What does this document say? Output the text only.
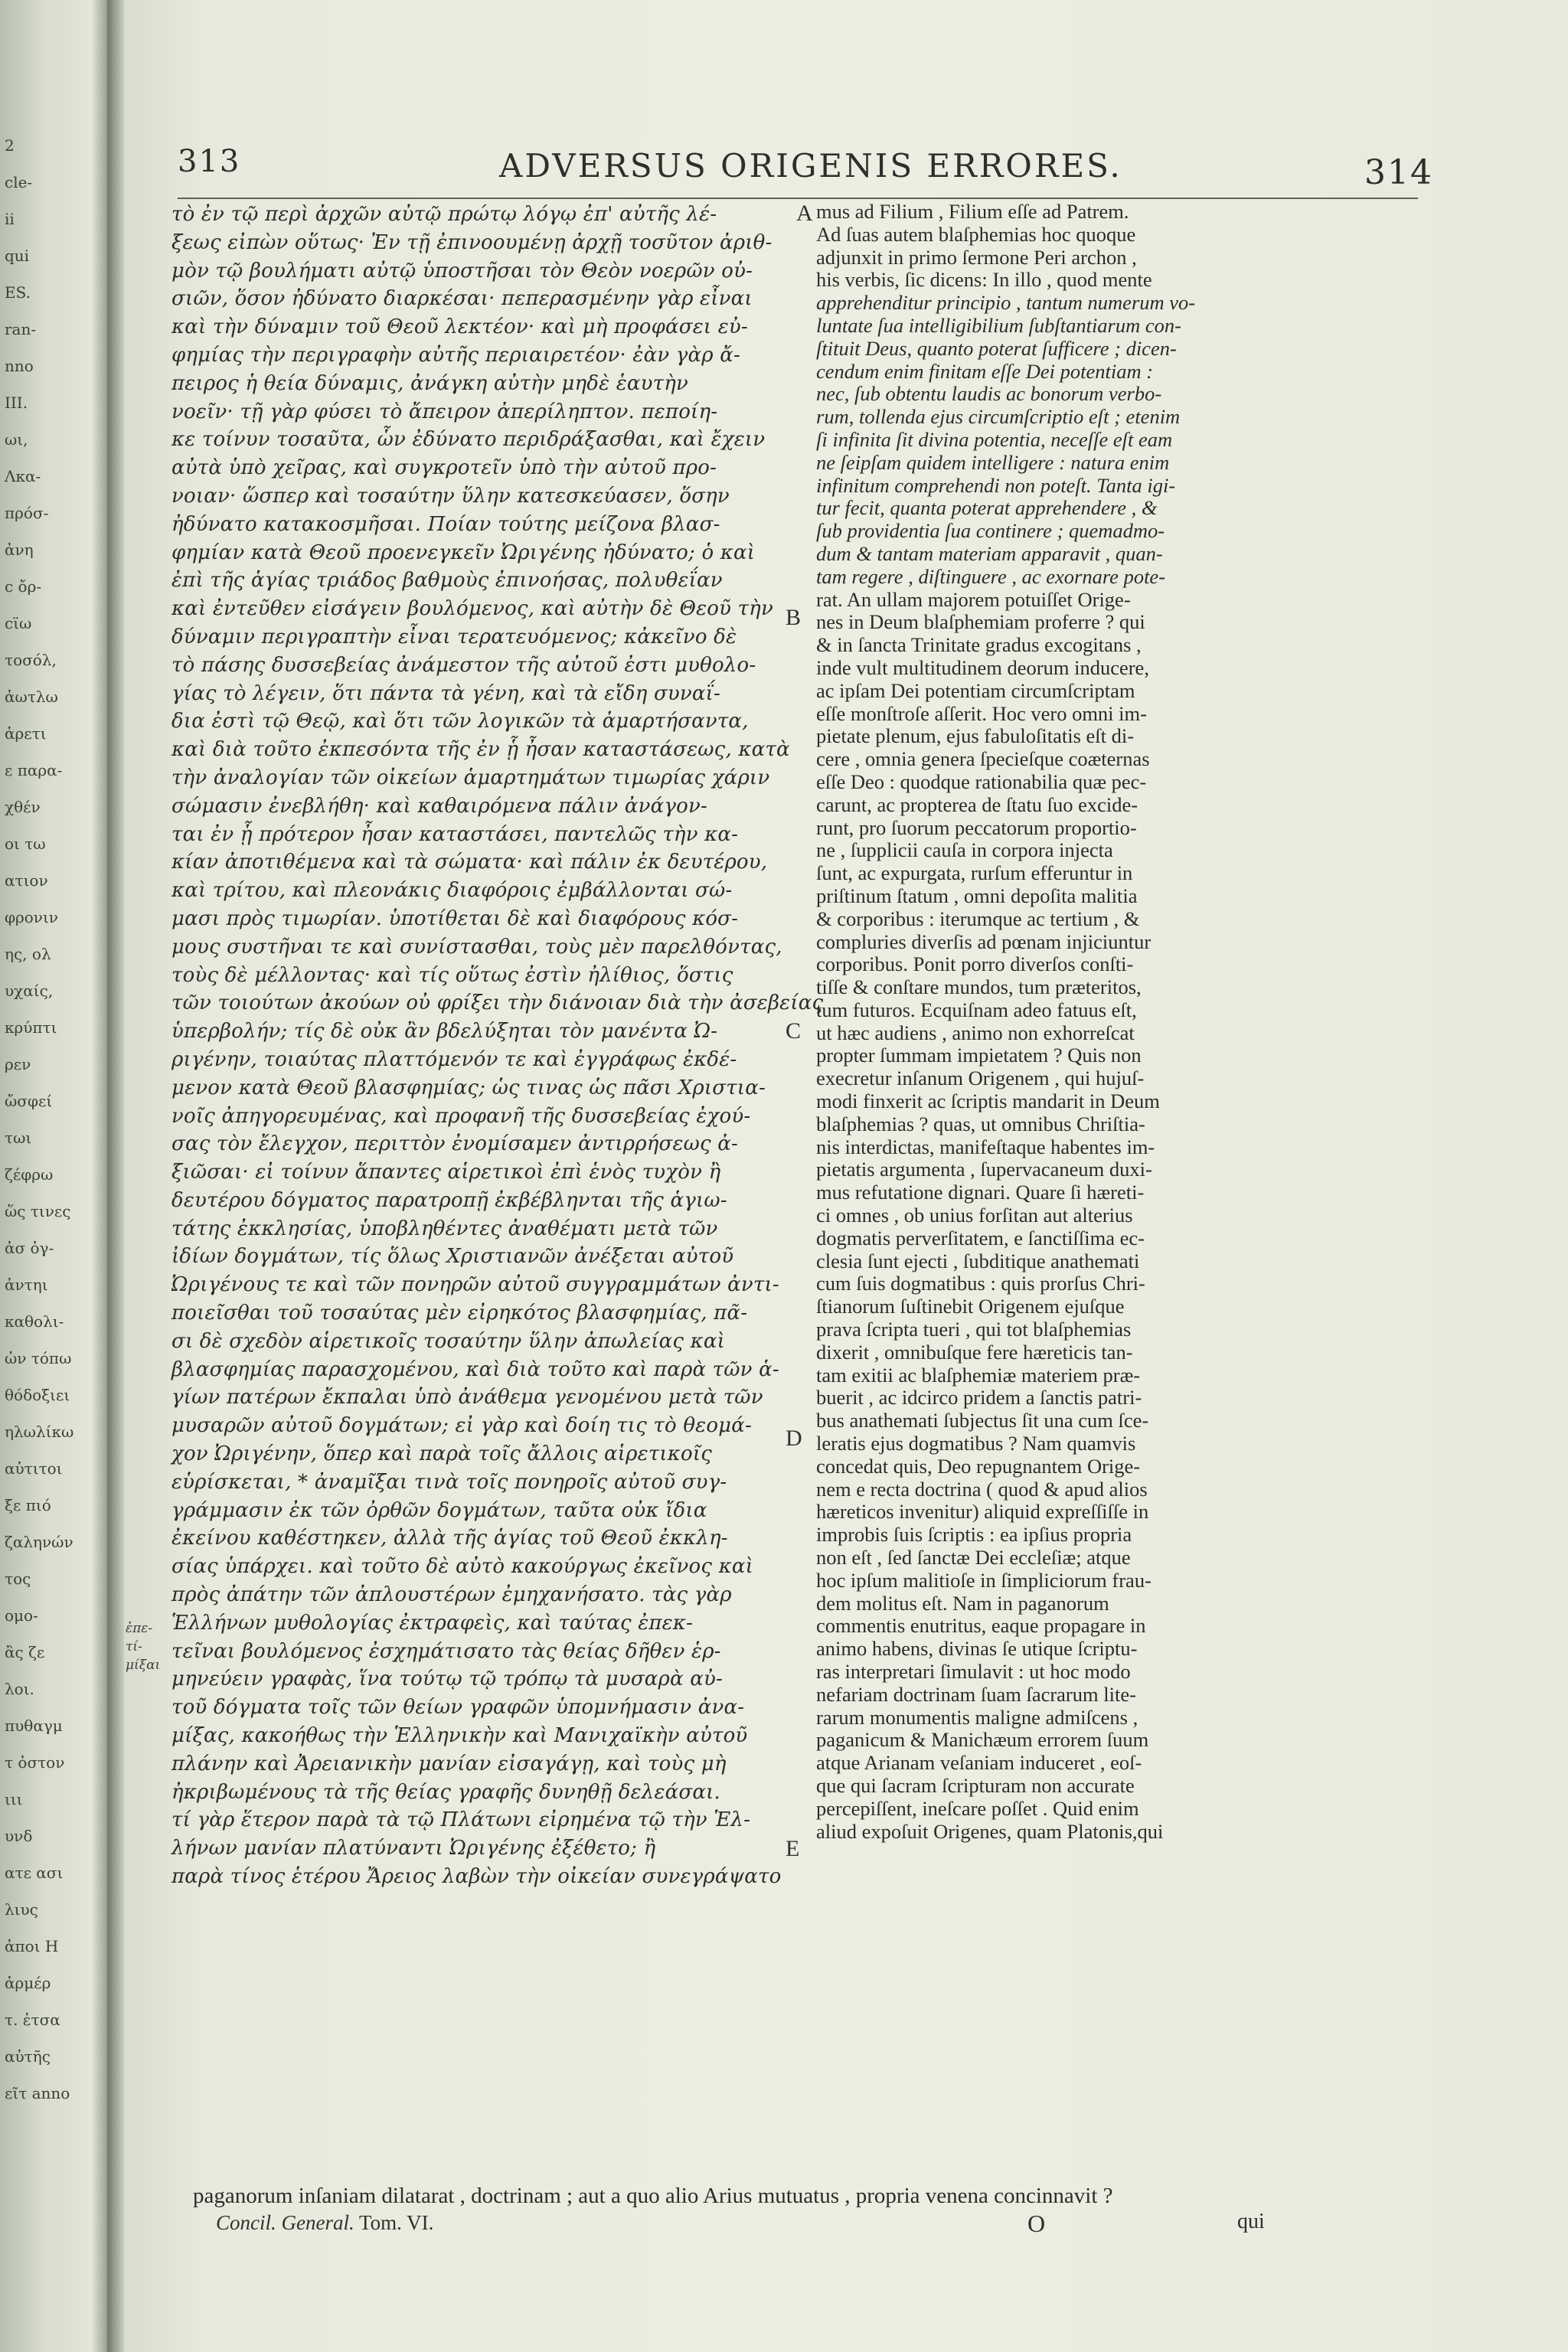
2
cle-
ii
qui
ES.
ran-
nno
III.
ωι,
Λκα-
πρόσ-
ἀνη
ϲ ὄρ-
ϲϊω
τοσόλ,
ἀωτλω
ἁρετι
ε παρα-
χθέν
οι τω
ατιον
φρονιν
ης, ολ
υχαίς,
κρύπτι
ρεν
ὤσφεί
τωι
ζέφρω
ὥς τινες
ἀσ ὀγ-
ἀντηι
καθολι-
ὠν τόπω
θόδοξιει
ηλωλίκω
αὐτιτοι
ξε πιό
ζαληνών
τος
ομο-
ἂς ζε
λοι.
πυθαγμ
τ ὀστον
ιιι
υνδ
ατε ασι
λιυς
ἀποι Η
ἀρμέρ
τ. ἐτσα
αὐτῆς
εῖτ anno
313	ADVERSUS ORIGENIS ERRORES.	314
τὸ ἐν τῷ περὶ ἀρχῶν αὐτῷ πρώτῳ λόγῳ ἐπ' αὐτῆς λέ-
ξεως εἰπὼν οὕτως· Ἐν τῇ ἐπινοουμένῃ ἀρχῇ τοσῦτον ἀριθ-
μὸν τῷ βουλήματι αὐτῷ ὑποστῆσαι τὸν Θεὸν νοερῶν οὐ-
σιῶν, ὅσον ἠδύνατο διαρκέσαι· πεπερασμένην γὰρ εἶναι
καὶ τὴν δύναμιν τοῦ Θεοῦ λεκτέον· καὶ μὴ προφάσει εὐ-
φημίας τὴν περιγραφὴν αὐτῆς περιαιρετέον· ἐὰν γὰρ ἄ-
πειρος ἡ θεία δύναμις, ἀνάγκη αὐτὴν μηδὲ ἑαυτὴν
νοεῖν· τῇ γὰρ φύσει τὸ ἄπειρον ἀπερίληπτον. πεποίη-
κε τοίνυν τοσαῦτα, ὧν ἐδύνατο περιδράξασθαι, καὶ ἔχειν
αὐτὰ ὑπὸ χεῖρας, καὶ συγκροτεῖν ὑπὸ τὴν αὐτοῦ προ-
νοιαν· ὥσπερ καὶ τοσαύτην ὕλην κατεσκεύασεν, ὅσην
ἠδύνατο κατακοσμῆσαι. Ποίαν τούτης μείζονα βλασ-
φημίαν κατὰ Θεοῦ προενεγκεῖν Ὠριγένης ἠδύνατο; ὁ καὶ
ἐπὶ τῆς ἁγίας τριάδος βαθμοὺς ἐπινοήσας, πολυθεΐαν
καὶ ἐντεῦθεν εἰσάγειν βουλόμενος, καὶ αὐτὴν δὲ Θεοῦ τὴν
δύναμιν περιγραπτὴν εἶναι τερατευόμενος; κἀκεῖνο δὲ
τὸ πάσης δυσσεβείας ἀνάμεστον τῆς αὐτοῦ ἐστι μυθολο-
γίας τὸ λέγειν, ὅτι πάντα τὰ γένη, καὶ τὰ εἴδη συναΐ-
δια ἐστὶ τῷ Θεῷ, καὶ ὅτι τῶν λογικῶν τὰ ἁμαρτήσαντα,
καὶ διὰ τοῦτο ἐκπεσόντα τῆς ἐν ᾗ ἦσαν καταστάσεως, κατὰ
τὴν ἀναλογίαν τῶν οἰκείων ἁμαρτημάτων τιμωρίας χάριν
σώμασιν ἐνεβλήθη· καὶ καθαιρόμενα πάλιν ἀνάγον-
ται ἐν ᾗ πρότερον ἦσαν καταστάσει, παντελῶς τὴν κα-
κίαν ἀποτιθέμενα καὶ τὰ σώματα· καὶ πάλιν ἐκ δευτέρου,
καὶ τρίτου, καὶ πλεονάκις διαφόροις ἐμβάλλονται σώ-
μασι πρὸς τιμωρίαν. ὑποτίθεται δὲ καὶ διαφόρους κόσ-
μους συστῆναι τε καὶ συνίστασθαι, τοὺς μὲν παρελθόντας,
τοὺς δὲ μέλλοντας· καὶ τίς οὕτως ἐστὶν ἠλίθιος, ὅστις
τῶν τοιούτων ἀκούων οὐ φρίξει τὴν διάνοιαν διὰ τὴν ἀσεβείας
ὑπερβολήν; τίς δὲ οὐκ ἂν βδελύξηται τὸν μανέντα Ὠ-
ριγένην, τοιαύτας πλαττόμενόν τε καὶ ἐγγράφως ἐκδέ-
μενον κατὰ Θεοῦ βλασφημίας; ὡς τινας ὡς πᾶσι Χριστια-
νοῖς ἀπηγορευμένας, καὶ προφανῆ τῆς δυσσεβείας ἐχού-
σας τὸν ἔλεγχον, περιττὸν ἐνομίσαμεν ἀντιρρήσεως ἀ-
ξιῶσαι· εἰ τοίνυν ἅπαντες αἱρετικοὶ ἐπὶ ἑνὸς τυχὸν ἢ
δευτέρου δόγματος παρατροπῇ ἐκβέβληνται τῆς ἁγιω-
τάτης ἐκκλησίας, ὑποβληθέντες ἀναθέματι μετὰ τῶν
ἰδίων δογμάτων, τίς ὅλως Χριστιανῶν ἀνέξεται αὐτοῦ
Ὠριγένους τε καὶ τῶν πονηρῶν αὐτοῦ συγγραμμάτων ἀντι-
ποιεῖσθαι τοῦ τοσαύτας μὲν εἰρηκότος βλασφημίας, πᾶ-
σι δὲ σχεδὸν αἱρετικοῖς τοσαύτην ὕλην ἀπωλείας καὶ
βλασφημίας παρασχομένου, καὶ διὰ τοῦτο καὶ παρὰ τῶν ἁ-
γίων πατέρων ἔκπαλαι ὑπὸ ἀνάθεμα γενομένου μετὰ τῶν
μυσαρῶν αὐτοῦ δογμάτων; εἰ γὰρ καὶ δοίη τις τὸ θεομά-
χον Ὠριγένην, ὅπερ καὶ παρὰ τοῖς ἄλλοις αἱρετικοῖς
εὑρίσκεται, * ἀναμῖξαι τινὰ τοῖς πονηροῖς αὐτοῦ συγ-
γράμμασιν ἐκ τῶν ὀρθῶν δογμάτων, ταῦτα οὐκ ἴδια
ἐκείνου καθέστηκεν, ἀλλὰ τῆς ἁγίας τοῦ Θεοῦ ἐκκλη-
σίας ὑπάρχει. καὶ τοῦτο δὲ αὐτὸ κακούργως ἐκεῖνος καὶ
πρὸς ἀπάτην τῶν ἀπλουστέρων ἐμηχανήσατο. τὰς γὰρ
Ἑλλήνων μυθολογίας ἐκτραφεὶς, καὶ ταύτας ἐπεκ-
τεῖναι βουλόμενος ἐσχημάτισατο τὰς θείας δῆθεν ἑρ-
μηνεύειν γραφὰς, ἵνα τούτῳ τῷ τρόπῳ τὰ μυσαρὰ αὐ-
τοῦ δόγματα τοῖς τῶν θείων γραφῶν ὑπομνήμασιν ἀνα-
μίξας, κακοήθως τὴν Ἑλληνικὴν καὶ Μανιχαϊκὴν αὐτοῦ
πλάνην καὶ Ἀρειανικὴν μανίαν εἰσαγάγῃ, καὶ τοὺς μὴ
ἠκριβωμένους τὰ τῆς θείας γραφῆς δυνηθῇ δελεάσαι.
τί γὰρ ἕτερον παρὰ τὰ τῷ Πλάτωνι εἰρημένα τῷ τὴν Ἑλ-
λήνων μανίαν πλατύναντι Ὠριγένης ἐξέθετο; ἢ
παρὰ τίνος ἑτέρου Ἄρειος λαβὼν τὴν οἰκείαν συνεγράψατο
mus ad Filium , Filium eſſe ad Patrem.
Ad ſuas autem blaſphemias hoc quoque
adjunxit in primo ſermone Peri archon ,
his verbis, ſic dicens: In illo , quod mente
apprehenditur principio , tantum numerum vo-
luntate ſua intelligibilium ſubſtantiarum con-
ſtituit Deus, quanto poterat ſufficere ; dicen-
cendum enim finitam eſſe Dei potentiam :
nec, ſub obtentu laudis ac bonorum verbo-
rum, tollenda ejus circumſcriptio eſt ; etenim
ſi infinita ſit divina potentia, neceſſe eſt eam
ne ſeipſam quidem intelligere : natura enim
infinitum comprehendi non poteſt. Tanta igi-
tur fecit, quanta poterat apprehendere , &
ſub providentia ſua continere ; quemadmo-
dum & tantam materiam apparavit , quan-
tam regere , diſtinguere , ac exornare pote-
rat. An ullam majorem potuiſſet Orige-
nes in Deum blaſphemiam proferre ? qui
& in ſancta Trinitate gradus excogitans ,
inde vult multitudinem deorum inducere,
ac ipſam Dei potentiam circumſcriptam
eſſe monſtroſe aſſerit. Hoc vero omni im-
pietate plenum, ejus fabuloſitatis eſt di-
cere , omnia genera ſpecieſque coæternas
eſſe Deo : quodque rationabilia quæ pec-
carunt, ac propterea de ſtatu ſuo excide-
runt, pro ſuorum peccatorum proportio-
ne , ſupplicii cauſa in corpora injecta
ſunt, ac expurgata, rurſum efferuntur in
priſtinum ſtatum , omni depoſita malitia
& corporibus : iterumque ac tertium , &
compluries diverſis ad pœnam injiciuntur
corporibus. Ponit porro diverſos conſti-
tiſſe & conſtare mundos, tum præteritos,
tum futuros. Ecquiſnam adeo fatuus eſt,
ut hæc audiens , animo non exhorreſcat
propter ſummam impietatem ? Quis non
execretur inſanum Origenem , qui hujuſ-
modi finxerit ac ſcriptis mandarit in Deum
blaſphemias ? quas, ut omnibus Chriſtia-
nis interdictas, manifeſtaque habentes im-
pietatis argumenta , ſupervacaneum duxi-
mus refutatione dignari. Quare ſi hæreti-
ci omnes , ob unius forſitan aut alterius
dogmatis perverſitatem, e ſanctiſſima ec-
clesia ſunt ejecti , ſubditique anathemati
cum ſuis dogmatibus : quis prorſus Chri-
ſtianorum ſuſtinebit Origenem ejuſque
prava ſcripta tueri , qui tot blaſphemias
dixerit , omnibuſque fere hæreticis tan-
tam exitii ac blaſphemiæ materiem præ-
buerit , ac idcirco pridem a ſanctis patri-
bus anathemati ſubjectus ſit una cum ſce-
leratis ejus dogmatibus ? Nam quamvis
concedat quis, Deo repugnantem Orige-
nem e recta doctrina ( quod & apud alios
hæreticos invenitur) aliquid expreſſiſſe in
improbis ſuis ſcriptis : ea ipſius propria
non eſt , ſed ſanctæ Dei eccleſiæ; atque
hoc ipſum malitioſe in ſimpliciorum frau-
dem molitus eſt. Nam in paganorum
commentis enutritus, eaque propagare in
animo habens, divinas ſe utique ſcriptu-
ras interpretari ſimulavit : ut hoc modo
nefariam doctrinam ſuam ſacrarum lite-
rarum monumentis maligne admiſcens ,
paganicum & Manichæum errorem ſuum
atque Arianam veſaniam induceret , eoſ-
que qui ſacram ſcripturam non accurate
percepiſſent, ineſcare poſſet . Quid enim
aliud expoſuit Origenes, quam Platonis,qui
A
B
C
D
E
ἐπε-
τί-
μίξαι
paganorum inſaniam dilatarat , doctrinam ; aut a quo alio Arius mutuatus , propria venena concinnavit ?
Concil. General. Tom. VI.	O	qui
